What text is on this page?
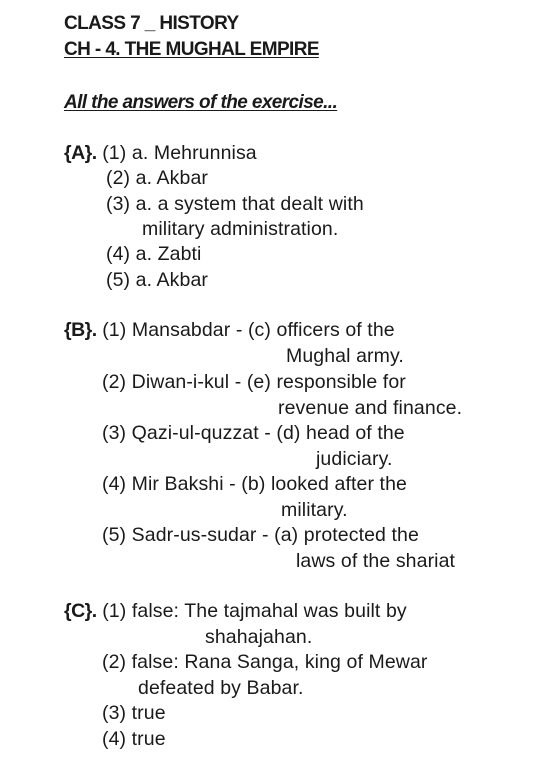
CLASS 7 _ HISTORY
CH - 4. THE MUGHAL EMPIRE
All the answers of the exercise...
{A}. (1) a. Mehrunnisa
(2) a. Akbar
(3) a. a system that dealt with
military administration.
(4) a. Zabti
(5) a. Akbar
{B}. (1) Mansabdar - (c) officers of the
Mughal army.
(2) Diwan-i-kul - (e) responsible for
revenue and finance.
(3) Qazi-ul-quzzat - (d) head of the
judiciary.
(4) Mir Bakshi - (b) looked after the
military.
(5) Sadr-us-sudar - (a) protected the
laws of the shariat
{C}. (1) false: The tajmahal was built by
shahajahan.
(2) false: Rana Sanga, king of Mewar
defeated by Babar.
(3) true
(4) true
